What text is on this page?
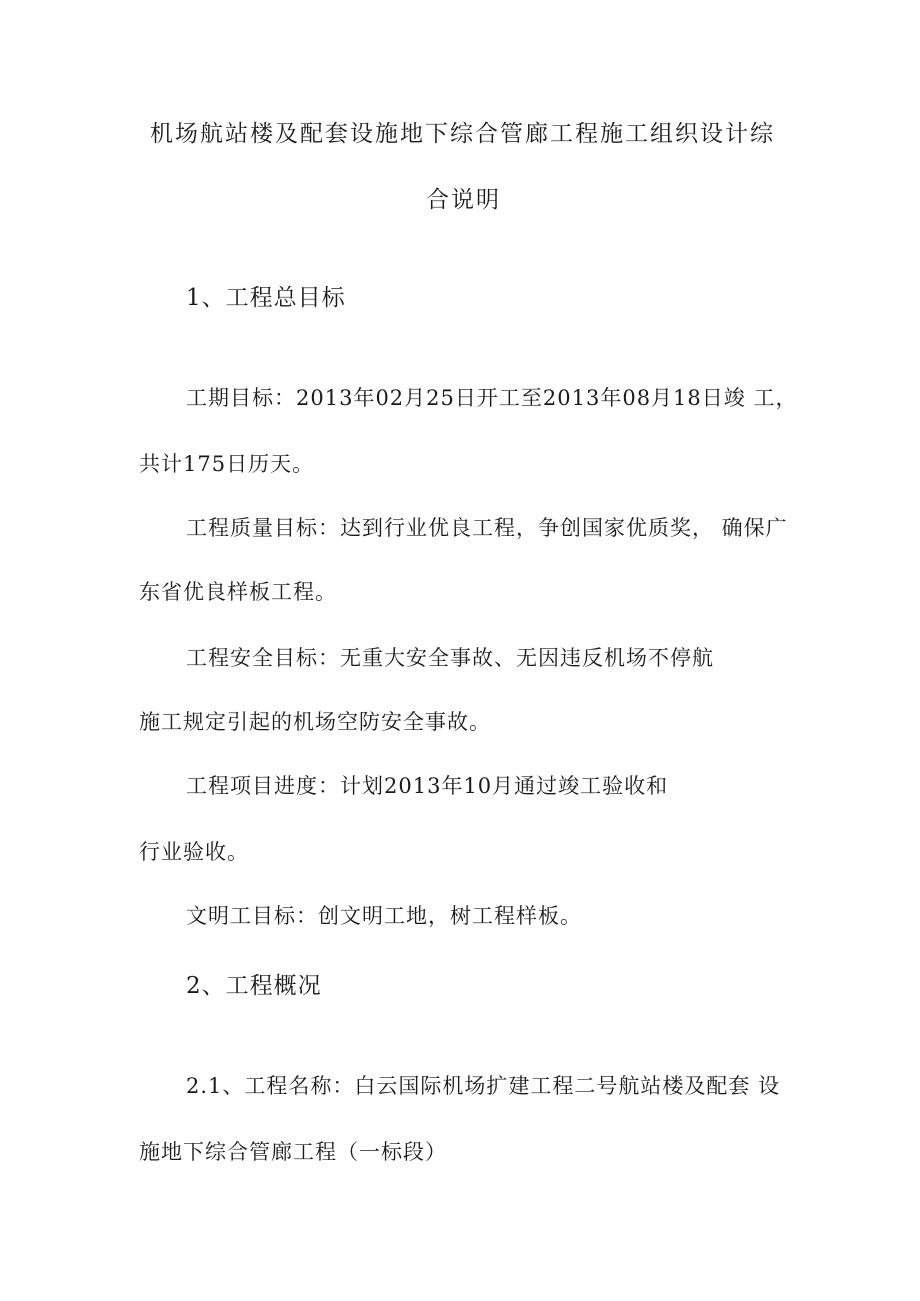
机场航站楼及配套设施地下综合管廊工程施工组织设计综
合说明
1、工程总目标
工期目标：2013年02月25日开工至2013年08月18日竣 工，
共计175日历天。
工程质量目标：达到行业优良工程，争创国家优质奖， 确保广
东省优良样板工程。
工程安全目标：无重大安全事故、无因违反机场不停航
施工规定引起的机场空防安全事故。
工程项目进度：计划2013年10月通过竣工验收和
行业验收。
文明工目标：创文明工地，树工程样板。
2、工程概况
2.1、工程名称：白云国际机场扩建工程二号航站楼及配套 设
施地下综合管廊工程（一标段）
